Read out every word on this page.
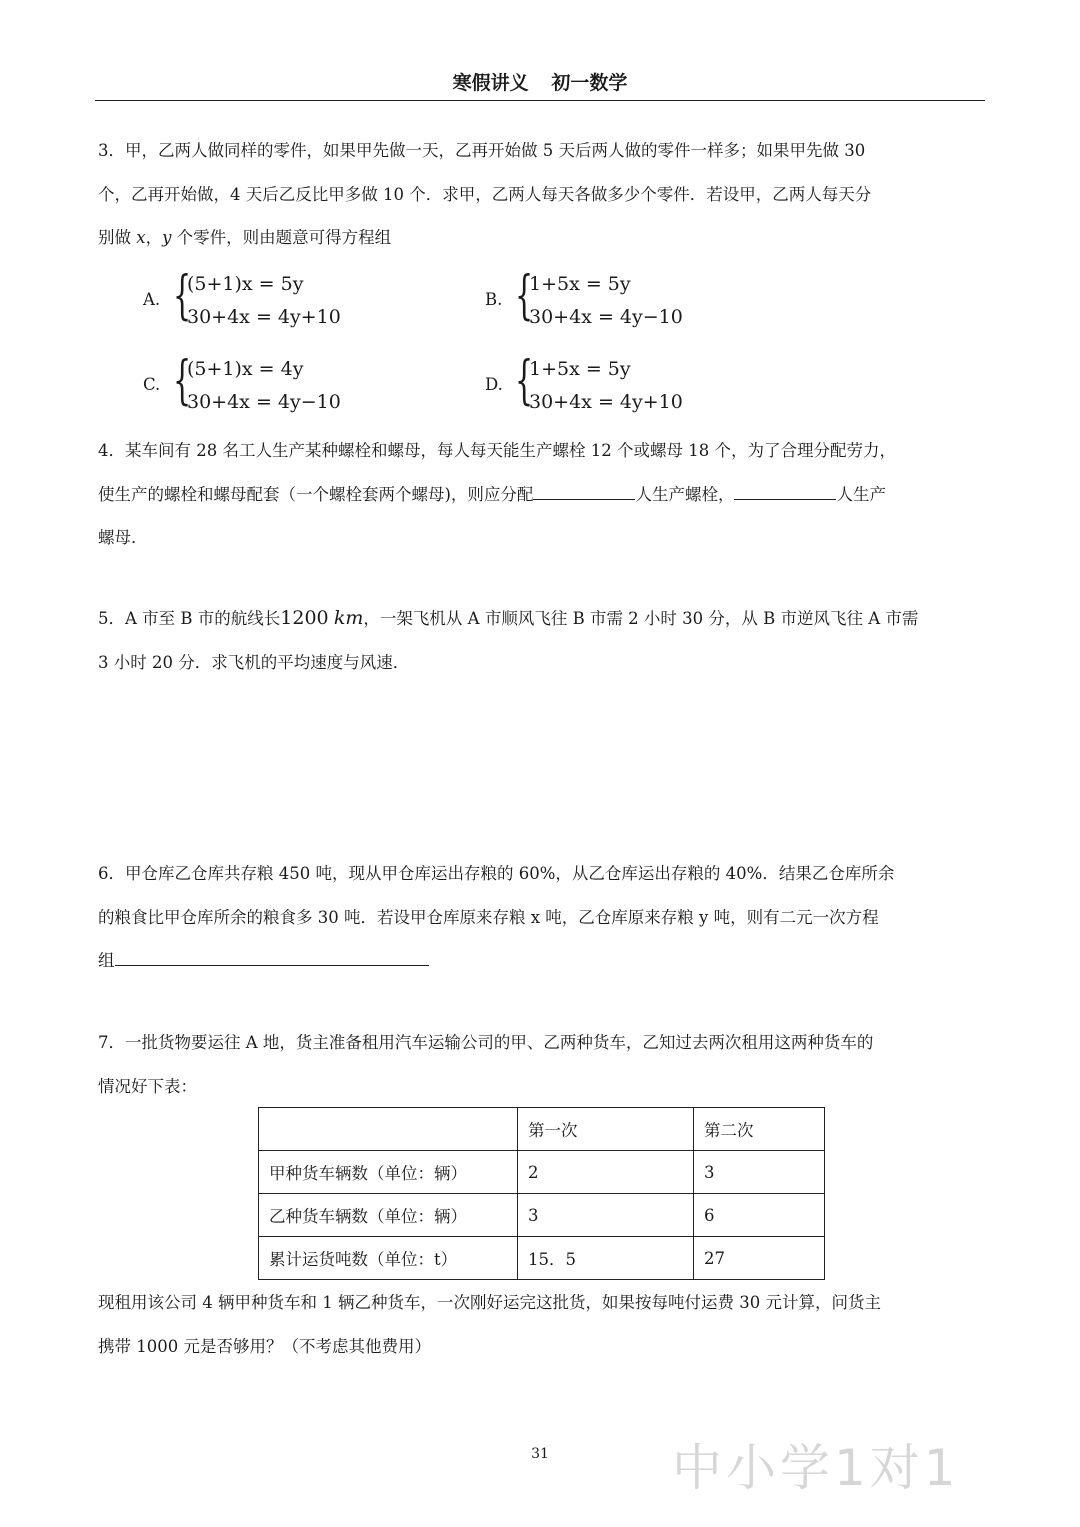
寒假讲义 初一数学
3．甲，乙两人做同样的零件，如果甲先做一天，乙再开始做 5 天后两人做的零件一样多；如果甲先做 30
个，乙再开始做，4 天后乙反比甲多做 10 个．求甲，乙两人每天各做多少个零件．若设甲，乙两人每天分
别做 x，y 个零件，则由题意可得方程组
A. {
(5+1)x = 5y
30+4x = 4y+10
B. {
1+5x = 5y
30+4x = 4y−10
C. {
(5+1)x = 4y
30+4x = 4y−10
D. {
1+5x = 5y
30+4x = 4y+10
4．某车间有 28 名工人生产某种螺栓和螺母，每人每天能生产螺栓 12 个或螺母 18 个，为了合理分配劳力，
使生产的螺栓和螺母配套（一个螺栓套两个螺母)，则应分配	人生产螺栓，	人生产
螺母．
5．A 市至 B 市的航线长1200 km，一架飞机从 A 市顺风飞往 B 市需 2 小时 30 分，从 B 市逆风飞往 A 市需
3 小时 20 分．求飞机的平均速度与风速．
6．甲仓库乙仓库共存粮 450 吨，现从甲仓库运出存粮的 60%，从乙仓库运出存粮的 40%．结果乙仓库所余
的粮食比甲仓库所余的粮食多 30 吨．若设甲仓库原来存粮 x 吨，乙仓库原来存粮 y 吨，则有二元一次方程
组
7．一批货物要运往 A 地，货主准备租用汽车运输公司的甲、乙两种货车，乙知过去两次租用这两种货车的
情况好下表：
	第一次	第二次
甲种货车辆数（单位：辆）	2	3
乙种货车辆数（单位：辆）	3	6
累计运货吨数（单位：t）	15．5	27
现租用该公司 4 辆甲种货车和 1 辆乙种货车，一次刚好运完这批货，如果按每吨付运费 30 元计算，问货主
携带 1000 元是否够用？（不考虑其他费用）
31 中小学1对1
